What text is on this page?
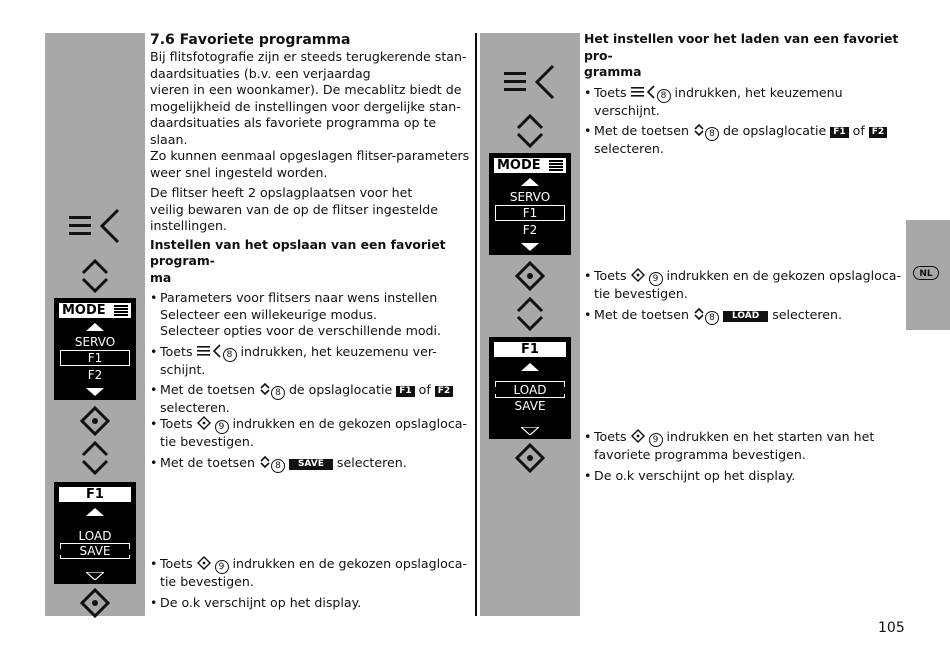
NL
MODE
SERVO
F1
F2
F1
LOAD
SAVE
MODE
SERVO
F1
F2
F1
LOAD
SAVE

7.6 Favoriete programma

Bij flitsfotografie zijn er steeds terugkerende stan-

daardsituaties (b.v. een verjaardag

vieren in een woonkamer). De mecablitz biedt de

mogelijkheid de instellingen voor dergelijke stan-

daardsituaties als favoriete programma op te slaan.

Zo kunnen eenmaal opgeslagen flitser-parameters

weer snel ingesteld worden.

De flitser heeft 2 opslagplaatsen voor het

veilig bewaren van de op de flitser ingestelde

instellingen.

Instellen van het opslaan van een favoriet program-

ma

• Parameters voor flitsers naar wens instellen

Selecteer een willekeurige modus.

Selecteer opties voor de verschillende modi.

• Toets	8 indrukken, het keuzemenu ver-

schijnt.

• Met de toetsen 8 de opslaglocatie F1 of F2

selecteren.

• Toets  9 indrukken en de gekozen opslagloca-

tie bevestigen.

• Met de toetsen 8 SAVE selecteren.

• Toets  9 indrukken en de gekozen opslagloca-

tie bevestigen.

• De o.k verschijnt op het display.

Het instellen voor het laden van een favoriet pro-

gramma

• Toets	8 indrukken, het keuzemenu

verschijnt.

• Met de toetsen 8 de opslaglocatie F1 of F2

selecteren.

• Toets  9 indrukken en de gekozen opslagloca-

tie bevestigen.

• Met de toetsen 8 LOAD selecteren.

• Toets  9 indrukken en het starten van het

favoriete programma bevestigen.

• De o.k verschijnt op het display.

105
